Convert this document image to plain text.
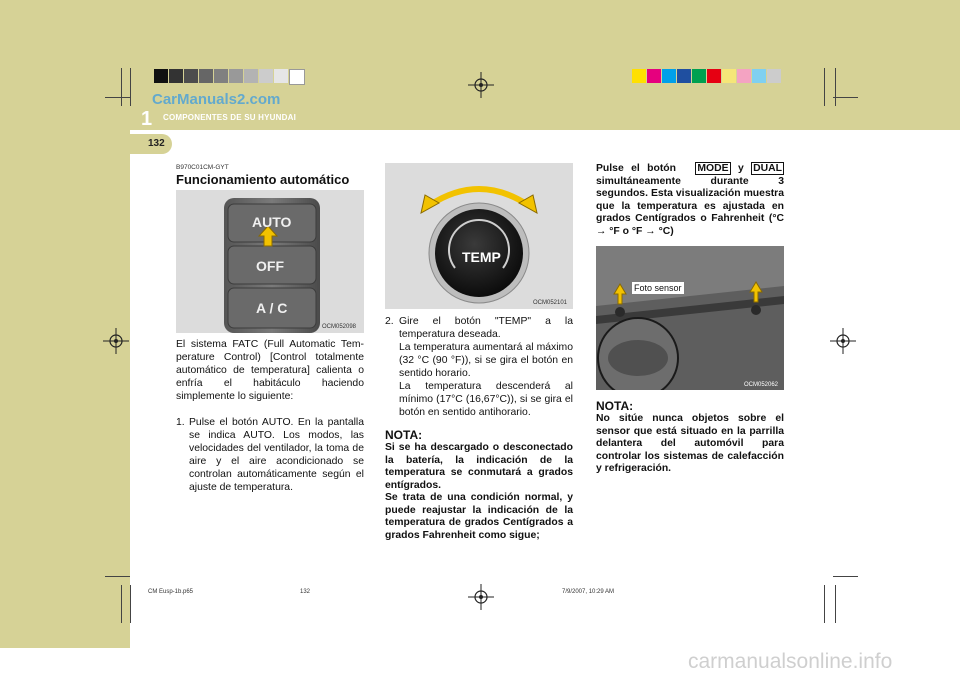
CarManuals2.com
1 COMPONENTES DE SU HYUNDAI
132
B970C01CM-GYT
Funcionamiento automático
AUTO
OFF
A / C
OCM052098
El sistema FATC (Full Automatic Tem- perature Control) [Control totalmente automático de temperatura] calienta o enfría el habitáculo haciendo simplemente lo siguiente:
1. Pulse el botón AUTO. En la pantalla se indica AUTO. Los modos, las velocidades del ventilador, la toma de aire y el aire acondicionado se controlan automáticamente según el ajuste de temperatura.
TEMP
OCM052101
2. Gire el botón "TEMP" a la temperatura deseada.
La temperatura aumentará al máximo (32 °C (90 °F)), si se gira el botón en sentido horario.
La temperatura descenderá al mínimo (17°C (16,67°C)), si se gira el botón en sentido antihorario.
NOTA:
Si se ha descargado o desconectado la batería, la indicación de la temperatura se conmutará a grados entígrados.
Se trata de una condición normal, y puede reajustar la indicación de la temperatura de grados Centígrados a grados Fahrenheit como sigue;
Pulse el botón MODE y DUAL simultáneamente durante 3 segundos. Esta visualización muestra que la temperatura es ajustada en grados Centígrados o Fahrenheit (°C → °F o °F → °C)
Foto sensor
OCM052062
NOTA:
No sitúe nunca objetos sobre el sensor que está situado en la parrilla delantera del automóvil para controlar los sistemas de calefacción y refrigeración.
CM Eusp-1b.p65	132	7/9/2007, 10:29 AM
carmanualsonline.info
